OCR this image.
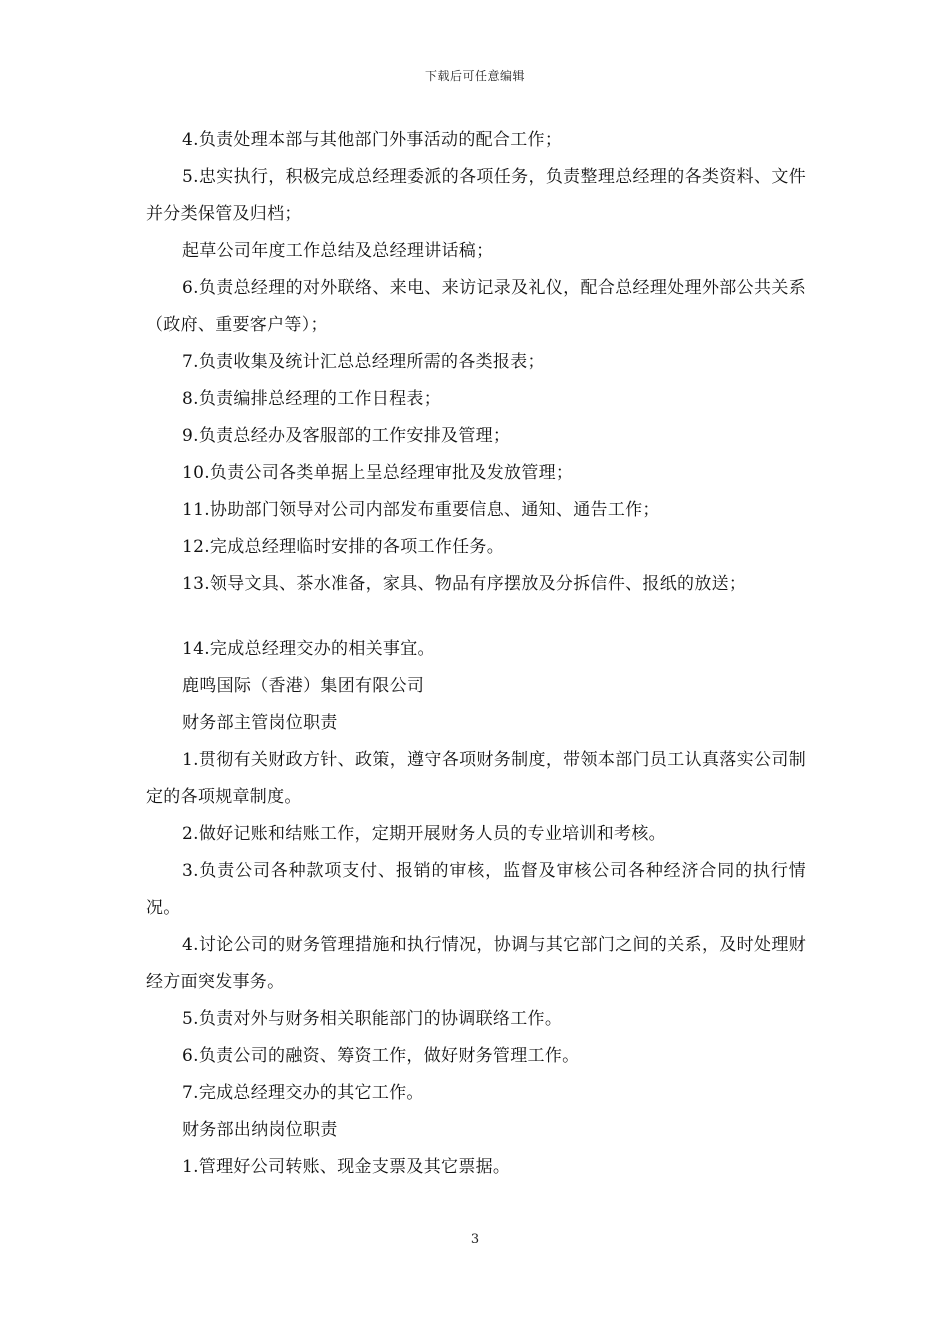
下载后可任意编辑

4.负责处理本部与其他部门外事活动的配合工作；

5.忠实执行，积极完成总经理委派的各项任务，负责整理总经理的各类资料、文件并分类保管及归档；

起草公司年度工作总结及总经理讲话稿；

6.负责总经理的对外联络、来电、来访记录及礼仪，配合总经理处理外部公共关系（政府、重要客户等）；

7.负责收集及统计汇总总经理所需的各类报表；

8.负责编排总经理的工作日程表；

9.负责总经办及客服部的工作安排及管理；

10.负责公司各类单据上呈总经理审批及发放管理；

11.协助部门领导对公司内部发布重要信息、通知、通告工作；

12.完成总经理临时安排的各项工作任务。

13.领导文具、茶水准备，家具、物品有序摆放及分拆信件、报纸的放送；

14.完成总经理交办的相关事宜。

鹿鸣国际（香港）集团有限公司

财务部主管岗位职责

1.贯彻有关财政方针、政策，遵守各项财务制度，带领本部门员工认真落实公司制定的各项规章制度。

2.做好记账和结账工作，定期开展财务人员的专业培训和考核。

3.负责公司各种款项支付、报销的审核，监督及审核公司各种经济合同的执行情况。

4.讨论公司的财务管理措施和执行情况，协调与其它部门之间的关系，及时处理财经方面突发事务。

5.负责对外与财务相关职能部门的协调联络工作。

6.负责公司的融资、筹资工作，做好财务管理工作。

7.完成总经理交办的其它工作。

财务部出纳岗位职责

1.管理好公司转账、现金支票及其它票据。

3
